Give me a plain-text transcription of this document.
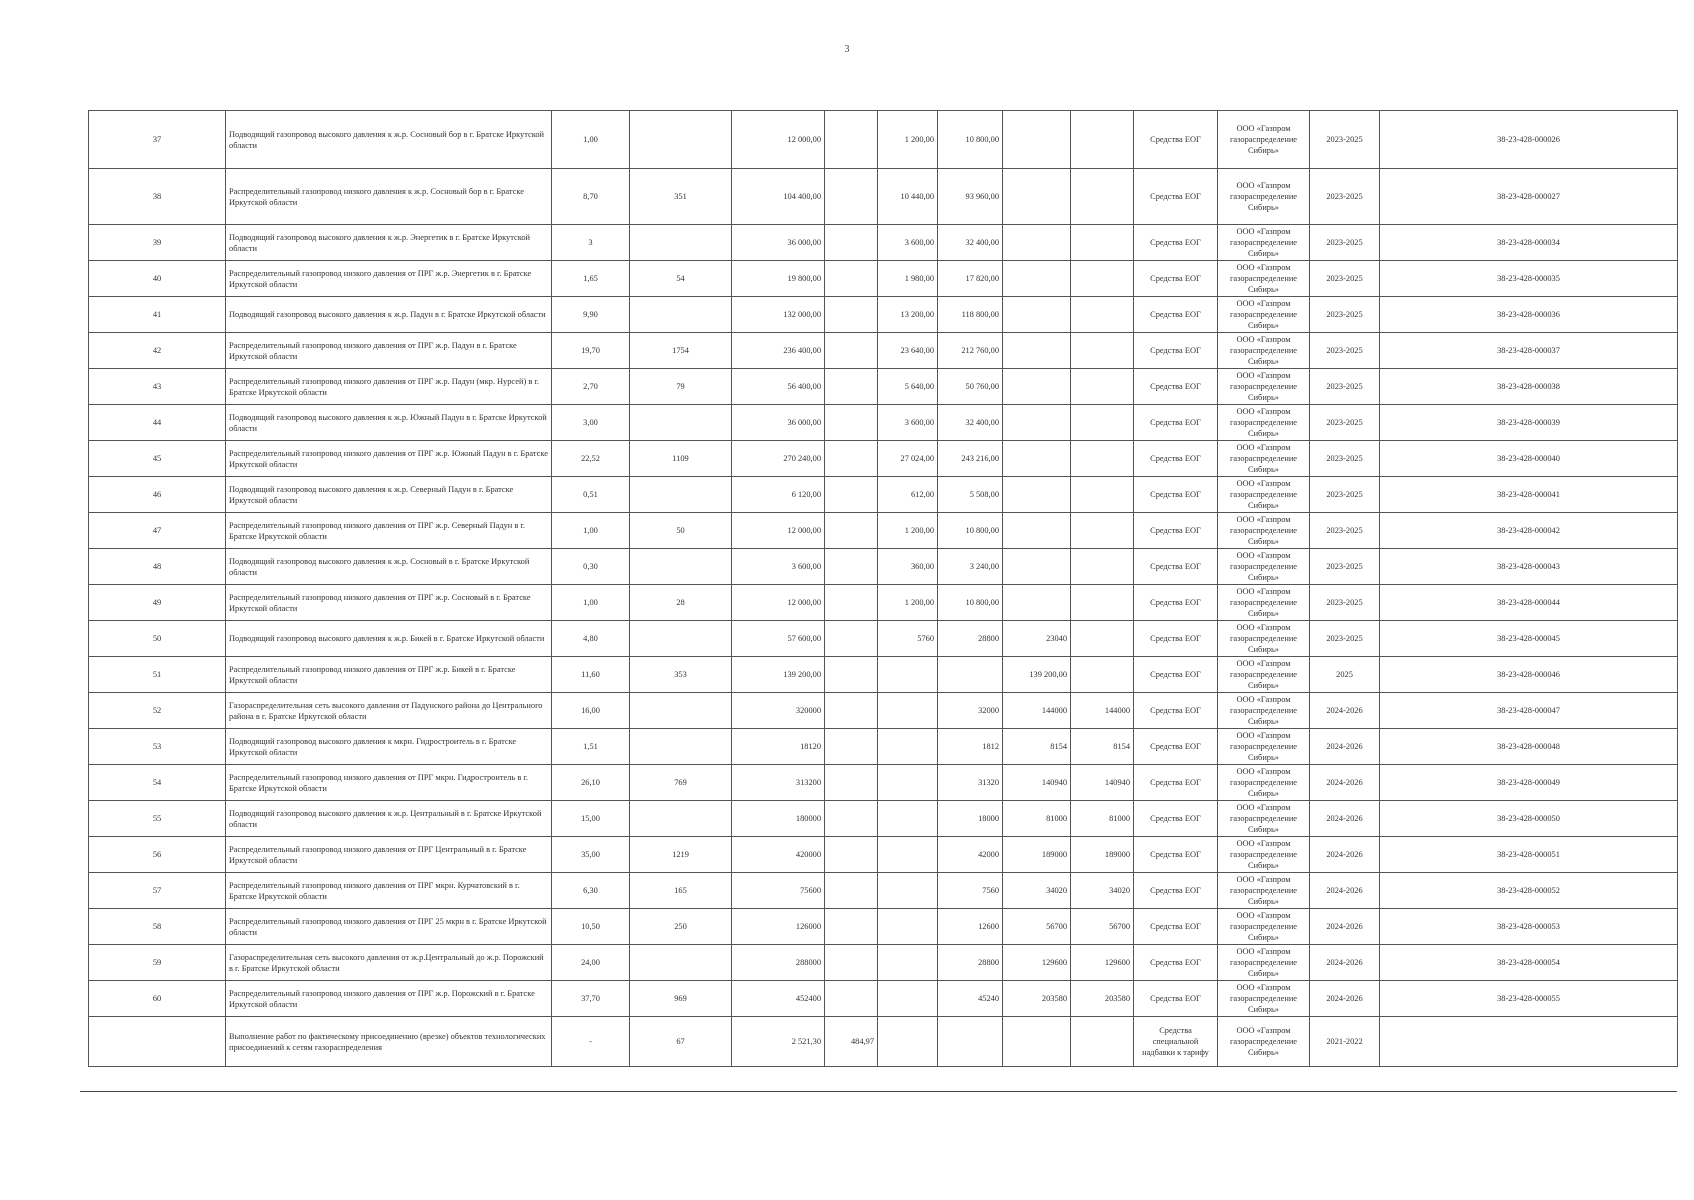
3
37	Подводящий газопровод высокого давления к ж.р. Сосновый бор в г. Братске Иркутской области	1,00		12 000,00		1 200,00	10 800,00			Средства ЕОГ	ООО «Газпром газораспределение Сибирь»	2023-2025	38-23-428-000026
38	Распределительный газопровод низкого давления к ж.р. Сосновый бор в г. Братске Иркутской области	8,70	351	104 400,00		10 440,00	93 960,00			Средства ЕОГ	ООО «Газпром газораспределение Сибирь»	2023-2025	38-23-428-000027
39	Подводящий газопровод высокого давления к ж.р. Энергетик в г. Братске Иркутской области	3		36 000,00		3 600,00	32 400,00			Средства ЕОГ	ООО «Газпром газораспределение Сибирь»	2023-2025	38-23-428-000034
40	Распределительный газопровод низкого давления от ПРГ ж.р. Энергетик в г. Братске Иркутской области	1,65	54	19 800,00		1 980,00	17 820,00			Средства ЕОГ	ООО «Газпром газораспределение Сибирь»	2023-2025	38-23-428-000035
41	Подводящий газопровод высокого давления к ж.р. Падун в г. Братске Иркутской области	9,90		132 000,00		13 200,00	118 800,00			Средства ЕОГ	ООО «Газпром газораспределение Сибирь»	2023-2025	38-23-428-000036
42	Распределительный газопровод низкого давления от ПРГ ж.р. Падун в г. Братске Иркутской области	19,70	1754	236 400,00		23 640,00	212 760,00			Средства ЕОГ	ООО «Газпром газораспределение Сибирь»	2023-2025	38-23-428-000037
43	Распределительный газопровод низкого давления от ПРГ ж.р. Падун (мкр. Нурсей) в г. Братске Иркутской области	2,70	79	56 400,00		5 640,00	50 760,00			Средства ЕОГ	ООО «Газпром газораспределение Сибирь»	2023-2025	38-23-428-000038
44	Подводящий газопровод высокого давления к ж.р. Южный Падун в г. Братске Иркутской области	3,00		36 000,00		3 600,00	32 400,00			Средства ЕОГ	ООО «Газпром газораспределение Сибирь»	2023-2025	38-23-428-000039
45	Распределительный газопровод низкого давления от ПРГ ж.р. Южный Падун в г. Братске Иркутской области	22,52	1109	270 240,00		27 024,00	243 216,00			Средства ЕОГ	ООО «Газпром газораспределение Сибирь»	2023-2025	38-23-428-000040
46	Подводящий газопровод высокого давления к ж.р. Северный Падун в г. Братске Иркутской области	0,51		6 120,00		612,00	5 508,00			Средства ЕОГ	ООО «Газпром газораспределение Сибирь»	2023-2025	38-23-428-000041
47	Распределительный газопровод низкого давления от ПРГ ж.р. Северный Падун в г. Братске Иркутской области	1,00	50	12 000,00		1 200,00	10 800,00			Средства ЕОГ	ООО «Газпром газораспределение Сибирь»	2023-2025	38-23-428-000042
48	Подводящий газопровод высокого давления к ж.р. Сосновый в г. Братске Иркутской области	0,30		3 600,00		360,00	3 240,00			Средства ЕОГ	ООО «Газпром газораспределение Сибирь»	2023-2025	38-23-428-000043
49	Распределительный газопровод низкого давления от ПРГ ж.р. Сосновый в г. Братске Иркутской области	1,00	28	12 000,00		1 200,00	10 800,00			Средства ЕОГ	ООО «Газпром газораспределение Сибирь»	2023-2025	38-23-428-000044
50	Подводящий газопровод высокого давления к ж.р. Бикей в г. Братске Иркутской области	4,80		57 600,00		5760	28800	23040		Средства ЕОГ	ООО «Газпром газораспределение Сибирь»	2023-2025	38-23-428-000045
51	Распределительный газопровод низкого давления от ПРГ ж.р. Бикей в г. Братске Иркутской области	11,60	353	139 200,00				139 200,00		Средства ЕОГ	ООО «Газпром газораспределение Сибирь»	2025	38-23-428-000046
52	Газораспределительная сеть высокого давления от Падунского района до Центрального района в г. Братске Иркутской области	16,00		320000			32000	144000	144000	Средства ЕОГ	ООО «Газпром газораспределение Сибирь»	2024-2026	38-23-428-000047
53	Подводящий газопровод высокого давления к мкрн. Гидростроитель в г. Братске Иркутской области	1,51		18120			1812	8154	8154	Средства ЕОГ	ООО «Газпром газораспределение Сибирь»	2024-2026	38-23-428-000048
54	Распределительный газопровод низкого давления от ПРГ мкрн. Гидростроитель в г. Братске Иркутской области	26,10	769	313200			31320	140940	140940	Средства ЕОГ	ООО «Газпром газораспределение Сибирь»	2024-2026	38-23-428-000049
55	Подводящий газопровод высокого давления к ж.р. Центральный в г. Братске Иркутской области	15,00		180000			18000	81000	81000	Средства ЕОГ	ООО «Газпром газораспределение Сибирь»	2024-2026	38-23-428-000050
56	Распределительный газопровод низкого давления от ПРГ Центральный в г. Братске Иркутской области	35,00	1219	420000			42000	189000	189000	Средства ЕОГ	ООО «Газпром газораспределение Сибирь»	2024-2026	38-23-428-000051
57	Распределительный газопровод низкого давления от ПРГ мкрн. Курчатовский в г. Братске Иркутской области	6,30	165	75600			7560	34020	34020	Средства ЕОГ	ООО «Газпром газораспределение Сибирь»	2024-2026	38-23-428-000052
58	Распределительный газопровод низкого давления от ПРГ 25 мкрн в г. Братске Иркутской области	10,50	250	126000			12600	56700	56700	Средства ЕОГ	ООО «Газпром газораспределение Сибирь»	2024-2026	38-23-428-000053
59	Газораспределительная сеть высокого давления от ж.р.Центральный до ж.р. Порожский в г. Братске Иркутской области	24,00		288000			28800	129600	129600	Средства ЕОГ	ООО «Газпром газораспределение Сибирь»	2024-2026	38-23-428-000054
60	Распределительный газопровод низкого давления от ПРГ ж.р. Порожский в г. Братске Иркутской области	37,70	969	452400			45240	203580	203580	Средства ЕОГ	ООО «Газпром газораспределение Сибирь»	2024-2026	38-23-428-000055
	Выполнение работ по фактическому присоединению (врезке) объектов технологических присоединений к сетям газораспределения	-	67	2 521,30	484,97					Средства специальной надбавки к тарифу	ООО «Газпром газораспределение Сибирь»	2021-2022	
